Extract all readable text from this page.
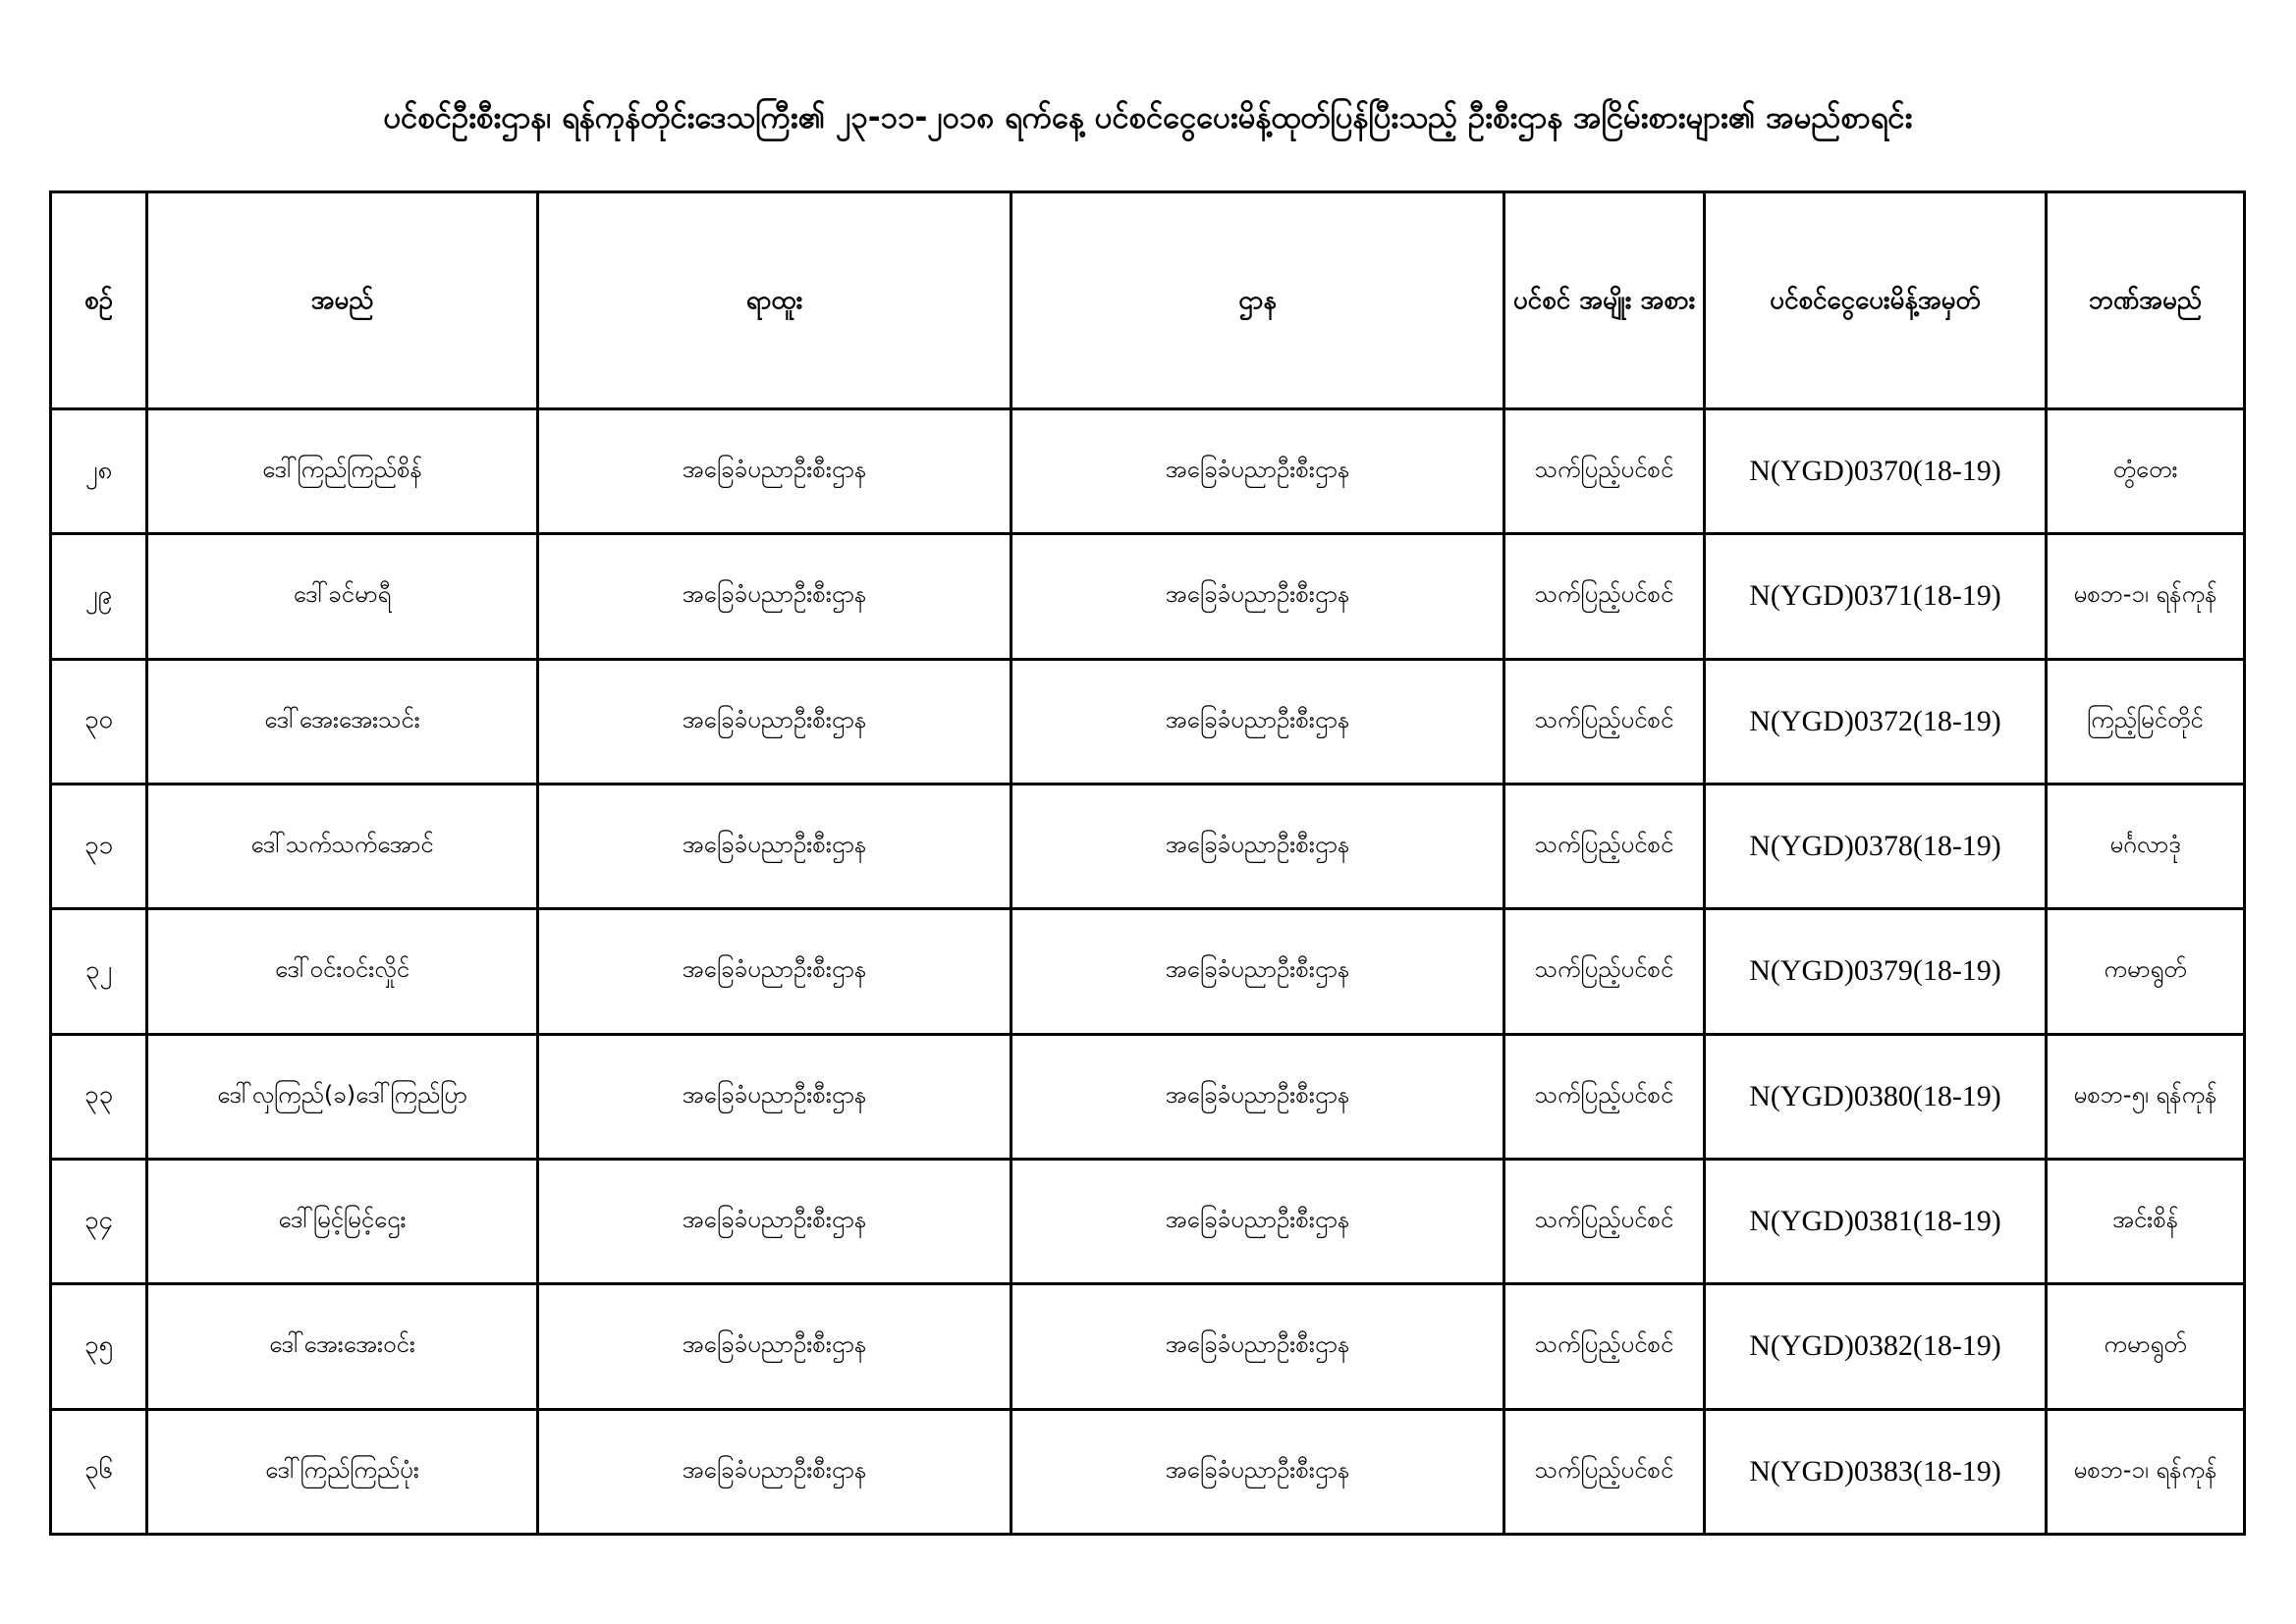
ပင်စင်ဦးစီးဌာန၊ ရန်ကုန်တိုင်းဒေသကြီး၏ ၂၃-၁၁-၂၀၁၈ ရက်နေ့ ပင်စင်ငွေပေးမိန့်ထုတ်ပြန်ပြီးသည့် ဦးစီးဌာန အငြိမ်းစားများ၏ အမည်စာရင်း
စဥ်	အမည်	ရာထူး	ဌာန	ပင်စင် အမျိုး အစား	ပင်စင်ငွေပေးမိန့်အမှတ်	ဘဏ်အမည်
၂၈	ဒေါ်ကြည်ကြည်စိန်	အခြေခံပညာဦးစီးဌာန	အခြေခံပညာဦးစီးဌာန	သက်ပြည့်ပင်စင်	N(YGD)0370(18-19)	တွံတေး
၂၉	ဒေါ်ခင်မာရီ	အခြေခံပညာဦးစီးဌာန	အခြေခံပညာဦးစီးဌာန	သက်ပြည့်ပင်စင်	N(YGD)0371(18-19)	မစဘ-၁၊ ရန်ကုန်
၃၀	ဒေါ်အေးအေးသင်း	အခြေခံပညာဦးစီးဌာန	အခြေခံပညာဦးစီးဌာန	သက်ပြည့်ပင်စင်	N(YGD)0372(18-19)	ကြည့်မြင်တိုင်
၃၁	ဒေါ်သက်သက်အောင်	အခြေခံပညာဦးစီးဌာန	အခြေခံပညာဦးစီးဌာန	သက်ပြည့်ပင်စင်	N(YGD)0378(18-19)	မင်္ဂလာဒုံ
၃၂	ဒေါ်ဝင်းဝင်းလှိုင်	အခြေခံပညာဦးစီးဌာန	အခြေခံပညာဦးစီးဌာန	သက်ပြည့်ပင်စင်	N(YGD)0379(18-19)	ကမာရွတ်
၃၃	ဒေါ်လှကြည်(ခ)ဒေါ်ကြည်ပြာ	အခြေခံပညာဦးစီးဌာန	အခြေခံပညာဦးစီးဌာန	သက်ပြည့်ပင်စင်	N(YGD)0380(18-19)	မစဘ-၅၊ ရန်ကုန်
၃၄	ဒေါ်မြင့်မြင့်ဌေး	အခြေခံပညာဦးစီးဌာန	အခြေခံပညာဦးစီးဌာန	သက်ပြည့်ပင်စင်	N(YGD)0381(18-19)	အင်းစိန်
၃၅	ဒေါ်အေးအေးဝင်း	အခြေခံပညာဦးစီးဌာန	အခြေခံပညာဦးစီးဌာန	သက်ပြည့်ပင်စင်	N(YGD)0382(18-19)	ကမာရွတ်
၃၆	ဒေါ်ကြည်ကြည်ပုံး	အခြေခံပညာဦးစီးဌာန	အခြေခံပညာဦးစီးဌာန	သက်ပြည့်ပင်စင်	N(YGD)0383(18-19)	မစဘ-၁၊ ရန်ကုန်
